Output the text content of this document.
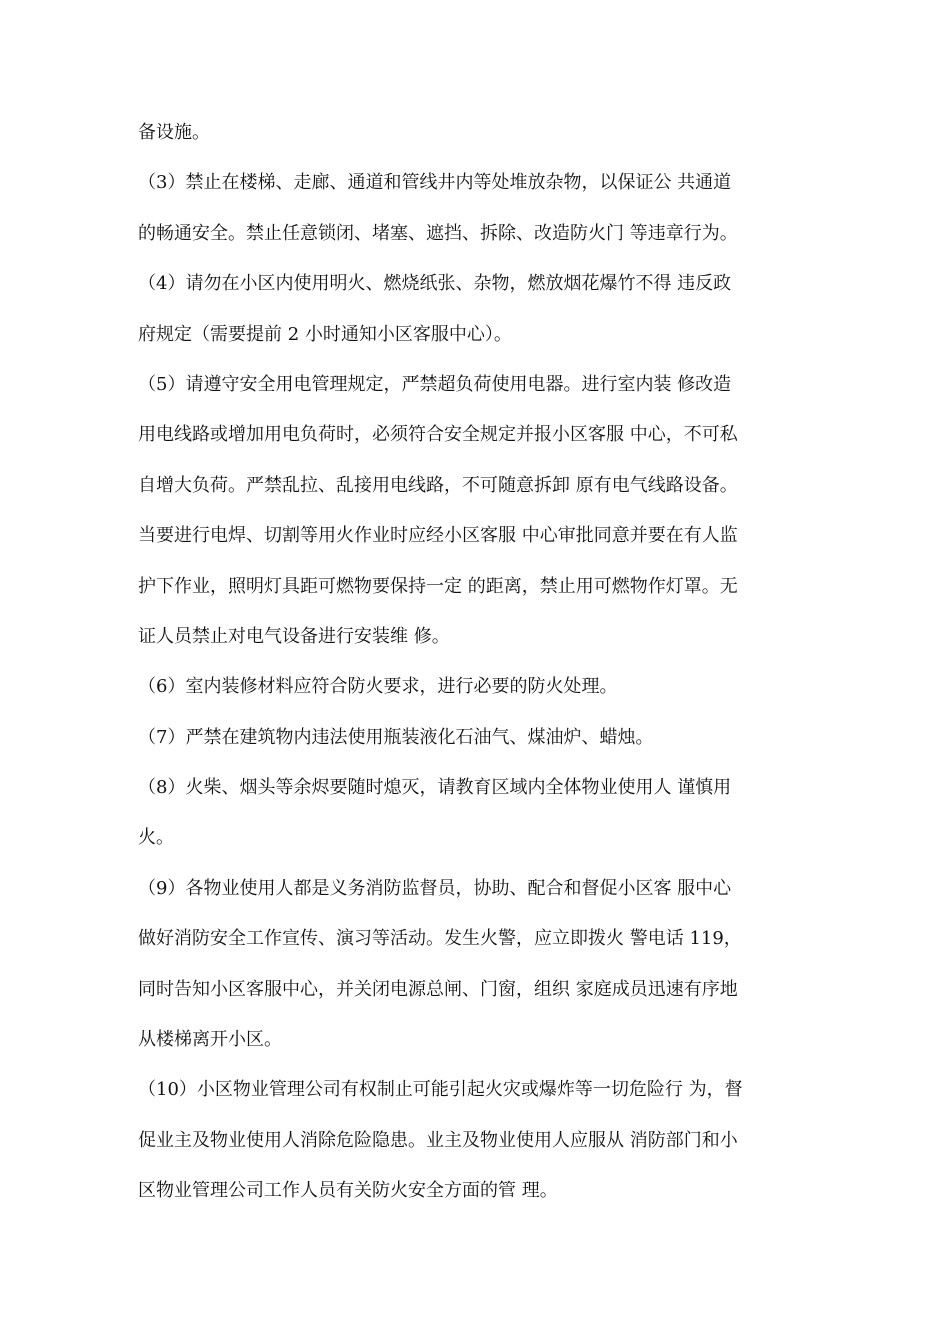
备设施。
（3）禁止在楼梯、走廊、通道和管线井内等处堆放杂物，以保证公 共通道
的畅通安全。禁止任意锁闭、堵塞、遮挡、拆除、改造防火门 等违章行为。
（4）请勿在小区内使用明火、燃烧纸张、杂物，燃放烟花爆竹不得 违反政
府规定（需要提前 2 小时通知小区客服中心）。
（5）请遵守安全用电管理规定，严禁超负荷使用电器。进行室内装 修改造
用电线路或增加用电负荷时，必须符合安全规定并报小区客服 中心，不可私
自增大负荷。严禁乱拉、乱接用电线路，不可随意拆卸 原有电气线路设备。
当要进行电焊、切割等用火作业时应经小区客服 中心审批同意并要在有人监
护下作业，照明灯具距可燃物要保持一定 的距离，禁止用可燃物作灯罩。无
证人员禁止对电气设备进行安装维 修。
（6）室内装修材料应符合防火要求，进行必要的防火处理。
（7）严禁在建筑物内违法使用瓶装液化石油气、煤油炉、蜡烛。
（8）火柴、烟头等余烬要随时熄灭，请教育区域内全体物业使用人 谨慎用
火。
（9）各物业使用人都是义务消防监督员，协助、配合和督促小区客 服中心
做好消防安全工作宣传、演习等活动。发生火警，应立即拨火 警电话 119，
同时告知小区客服中心，并关闭电源总闸、门窗，组织 家庭成员迅速有序地
从楼梯离开小区。
（10）小区物业管理公司有权制止可能引起火灾或爆炸等一切危险行 为，督
促业主及物业使用人消除危险隐患。业主及物业使用人应服从 消防部门和小
区物业管理公司工作人员有关防火安全方面的管 理。
